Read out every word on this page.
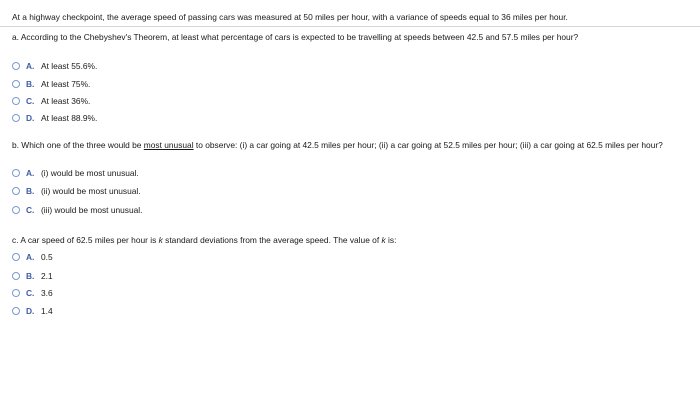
At a highway checkpoint, the average speed of passing cars was measured at 50 miles per hour, with a variance of speeds equal to 36 miles per hour.
a. According to the Chebyshev's Theorem, at least what percentage of cars is expected to be travelling at speeds between 42.5 and 57.5 miles per hour?
A. At least 55.6%.
B. At least 75%.
C. At least 36%.
D. At least 88.9%.
b. Which one of the three would be most unusual to observe: (i) a car going at 42.5 miles per hour; (ii) a car going at 52.5 miles per hour; (iii) a car going at 62.5 miles per hour?
A. (i) would be most unusual.
B. (ii) would be most unusual.
C. (iii) would be most unusual.
c. A car speed of 62.5 miles per hour is k standard deviations from the average speed. The value of k is:
A. 0.5
B. 2.1
C. 3.6
D. 1.4
